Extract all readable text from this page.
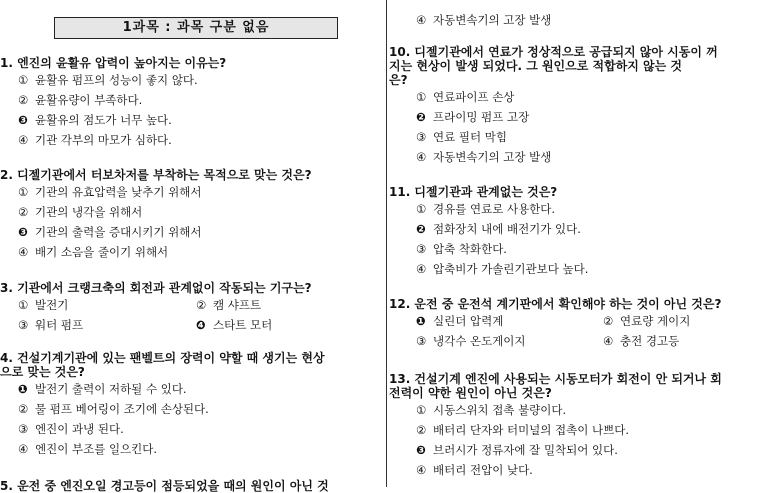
1과목 : 과목 구분 없음
1. 엔진의 윤활유 압력이 높아지는 이유는?
① 윤활유 펌프의 성능이 좋지 않다.
② 윤활유량이 부족하다.
❸ 윤활유의 점도가 너무 높다.
④ 기관 각부의 마모가 심하다.
2. 디젤기관에서 터보차저를 부착하는 목적으로 맞는 것은?
① 기관의 유효압력을 낮추기 위해서
② 기관의 냉각을 위해서
❸ 기관의 출력을 증대시키기 위해서
④ 배기 소음을 줄이기 위해서
3. 기관에서 크랭크축의 회전과 관계없이 작동되는 기구는?
① 발전기	② 캠 샤프트
③ 워터 펌프	❹ 스타트 모터
4. 건설기계기관에 있는 팬벨트의 장력이 약할 때 생기는 현상
으로 맞는 것은?
❶ 발전기 출력이 저하될 수 있다.
② 물 펌프 베어링이 조기에 손상된다.
③ 엔진이 과냉 된다.
④ 엔진이 부조를 일으킨다.
5. 운전 중 엔진오일 경고등이 점등되었을 때의 원인이 아닌 것
④ 자동변속기의 고장 발생
10. 디젤기관에서 연료가 정상적으로 공급되지 않아 시동이 꺼
지는 현상이 발생 되었다. 그 원인으로 적합하지 않는 것
은?
① 연료파이프 손상
❷ 프라이밍 펌프 고장
③ 연료 필터 막힘
④ 자동변속기의 고장 발생
11. 디젤기관과 관계없는 것은?
① 경유를 연료로 사용한다.
❷ 점화장치 내에 배전기가 있다.
③ 압축 착화한다.
④ 압축비가 가솔린기관보다 높다.
12. 운전 중 운전석 계기판에서 확인해야 하는 것이 아닌 것은?
❶ 실린더 압력계	② 연료량 게이지
③ 냉각수 온도게이지	④ 충전 경고등
13. 건설기계 엔진에 사용되는 시동모터가 회전이 안 되거나 회
전력이 약한 원인이 아닌 것은?
① 시동스위치 접촉 불량이다.
② 배터리 단자와 터미널의 접촉이 나쁘다.
❸ 브러시가 정류자에 잘 밀착되어 있다.
④ 배터리 전압이 낮다.
